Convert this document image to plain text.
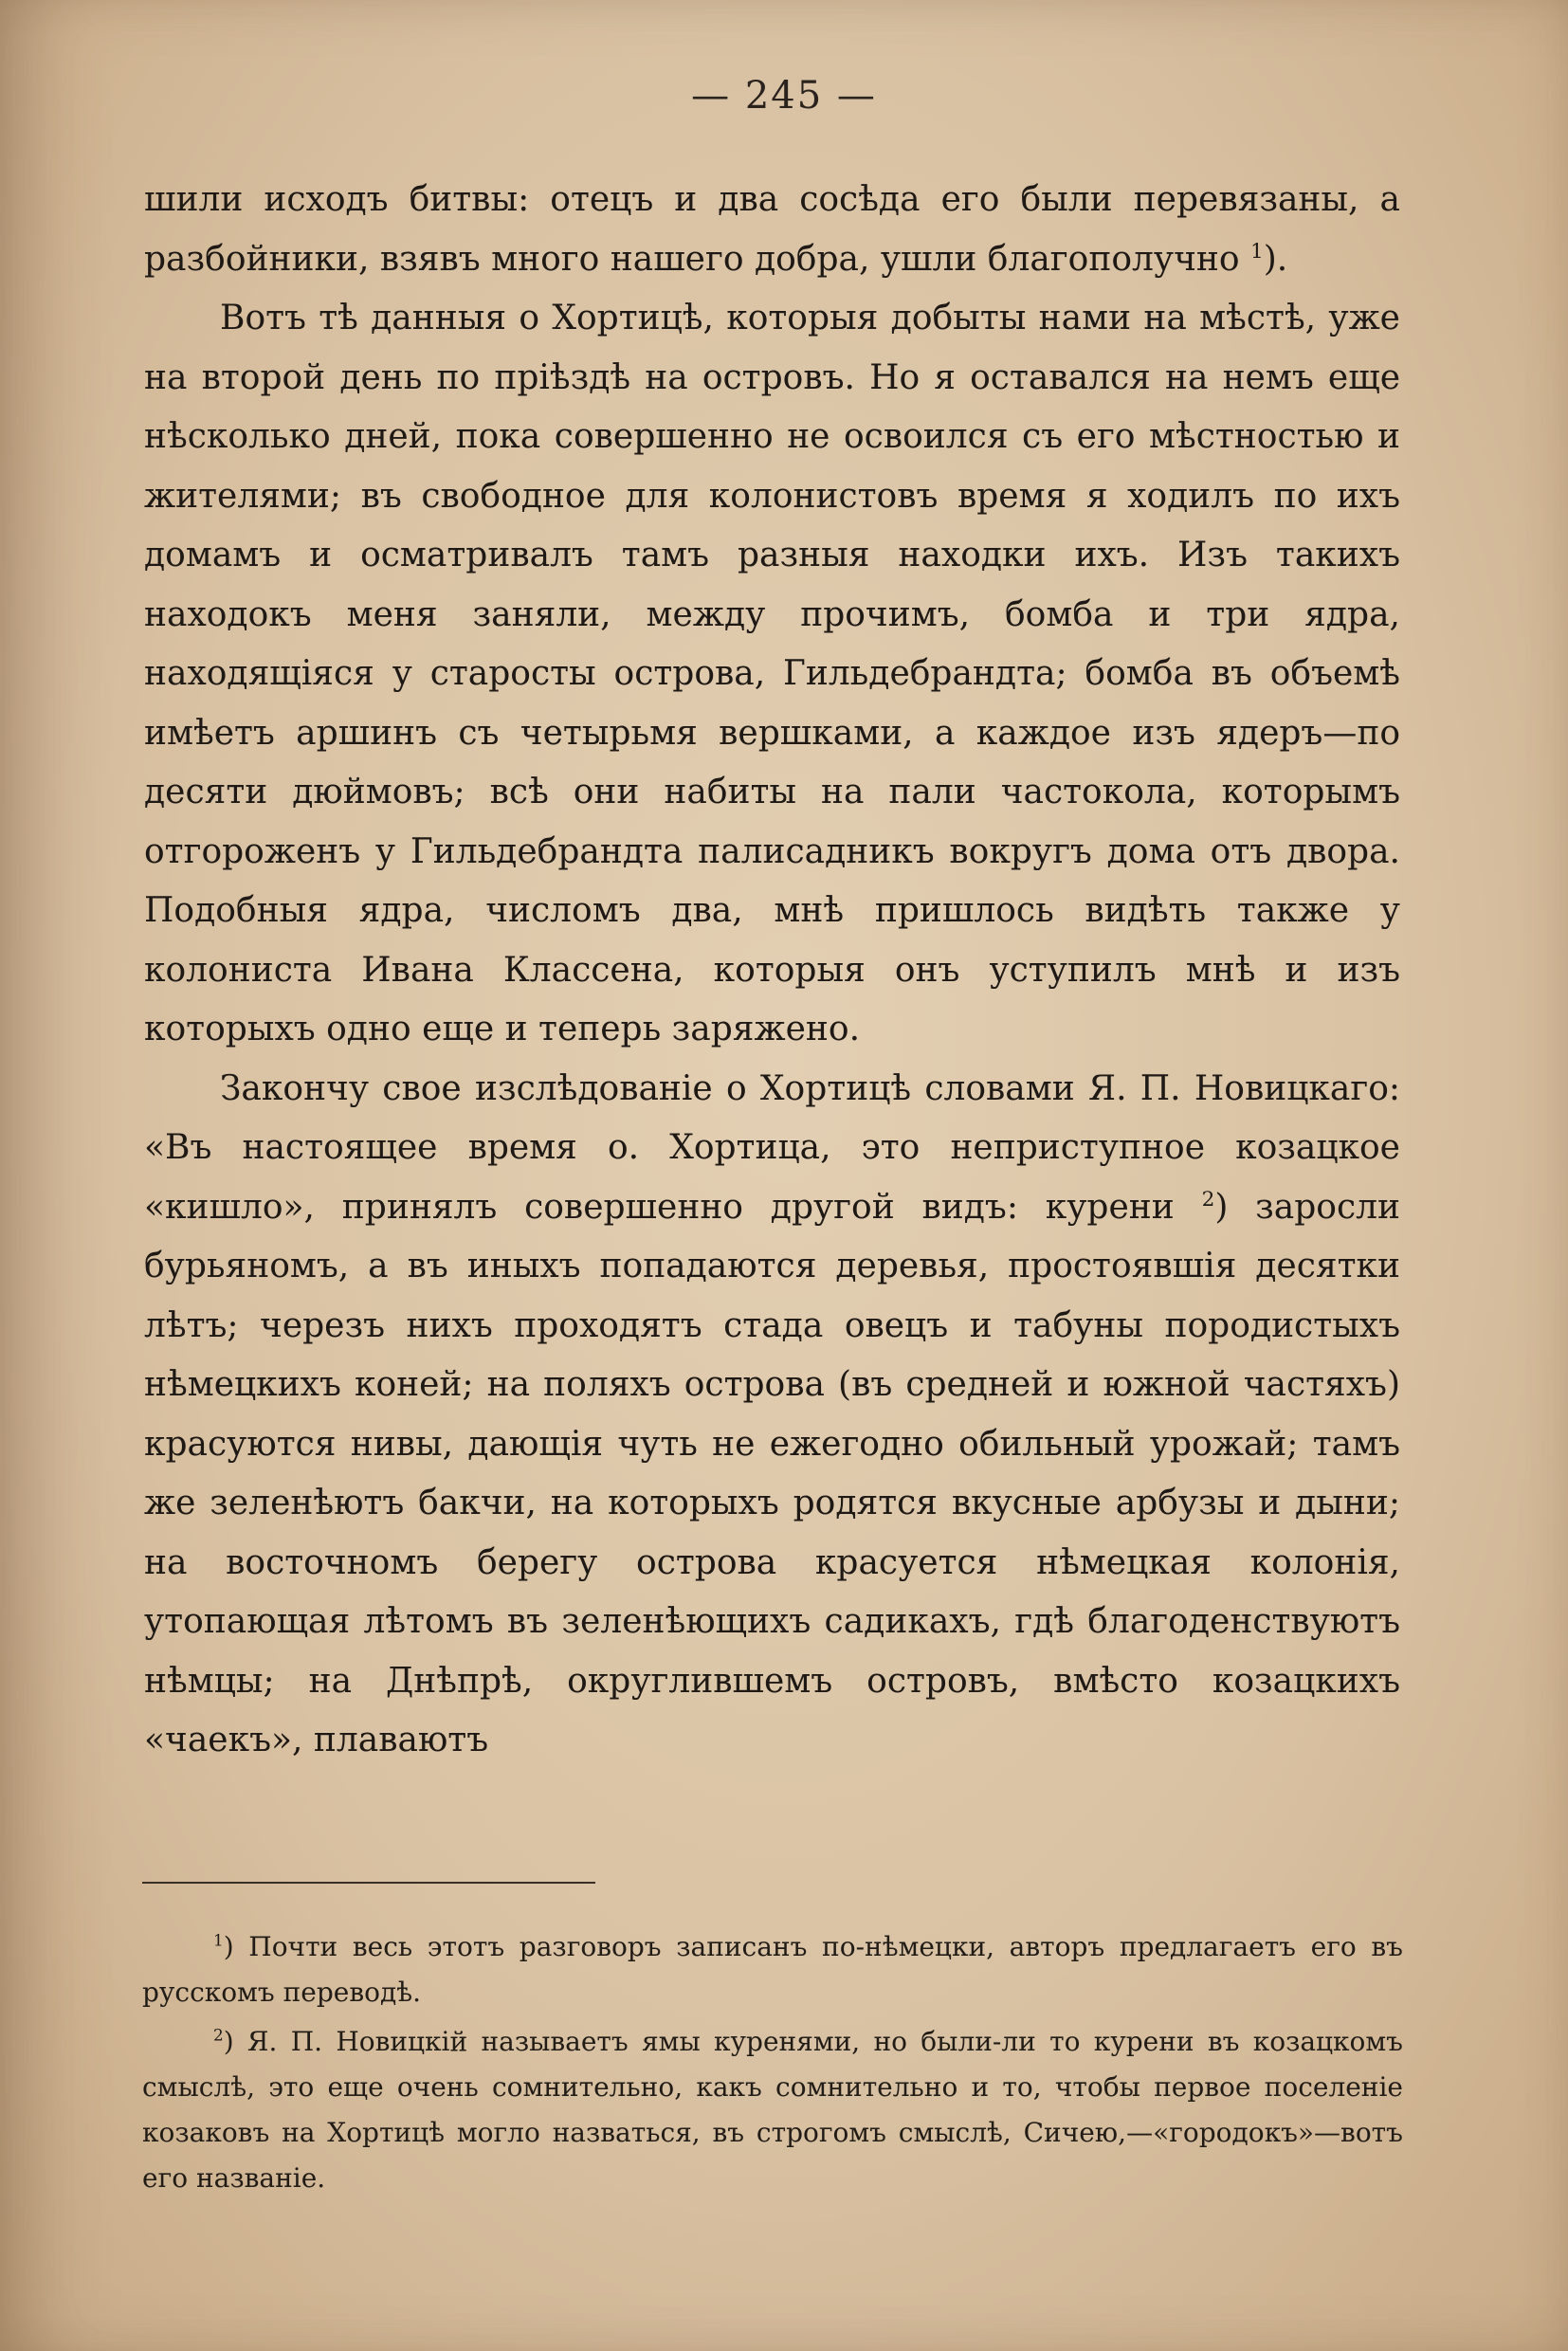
— 245 —

шили исходъ битвы: отецъ и два сосѣда его были перевязаны, а разбойники, взявъ много нашего добра, ушли благополучно $^1$).

Вотъ тѣ данныя о Хортицѣ, которыя добыты нами на мѣстѣ, уже на второй день по пріѣздѣ на островъ. Но я оставался на немъ еще нѣсколько дней, пока совершенно не освоился съ его мѣстностью и жителями; въ свободное для колонистовъ время я ходилъ по ихъ домамъ и осматривалъ тамъ разныя находки ихъ. Изъ такихъ находокъ меня заняли, между прочимъ, бомба и три ядра, находящіяся у старосты острова, Гильдебрандта; бомба въ объемѣ имѣетъ аршинъ съ четырьмя вершками, а каждое изъ ядеръ—по десяти дюймовъ; всѣ они набиты на пали частокола, которымъ отгороженъ у Гильдебрандта палисадникъ вокругъ дома отъ двора. Подобныя ядра, числомъ два, мнѣ пришлось видѣть также у колониста Ивана Классена, которыя онъ уступилъ мнѣ и изъ которыхъ одно еще и теперь заряжено.

Закончу свое изслѣдованіе о Хортицѣ словами Я. П. Новицкаго: «Въ настоящее время о. Хортица, это неприступное козацкое «кишло», принялъ совершенно другой видъ: курени $^2$) заросли бурьяномъ, а въ иныхъ попадаются деревья, простоявшія десятки лѣтъ; черезъ нихъ проходятъ стада овецъ и табуны породистыхъ нѣмецкихъ коней; на поляхъ острова (въ средней и южной частяхъ) красуются нивы, дающія чуть не ежегодно обильный урожай; тамъ же зеленѣютъ бакчи, на которыхъ родятся вкусные арбузы и дыни; на восточномъ берегу острова красуется нѣмецкая колонія, утопающая лѣтомъ въ зеленѣющихъ садикахъ, гдѣ благоденствуютъ нѣмцы; на Днѣпрѣ, округлившемъ островъ, вмѣсто козацкихъ «чаекъ», плаваютъ

$^1$) Почти весь этотъ разговоръ записанъ по-нѣмецки, авторъ предлагаетъ его въ русскомъ переводѣ.

$^2$) Я. П. Новицкій называетъ ямы куренями, но были-ли то курени въ козацкомъ смыслѣ, это еще очень сомнительно, какъ сомнительно и то, чтобы первое поселеніе козаковъ на Хортицѣ могло назваться, въ строгомъ смыслѣ, Сичею,—«городокъ»—вотъ его названіе.
